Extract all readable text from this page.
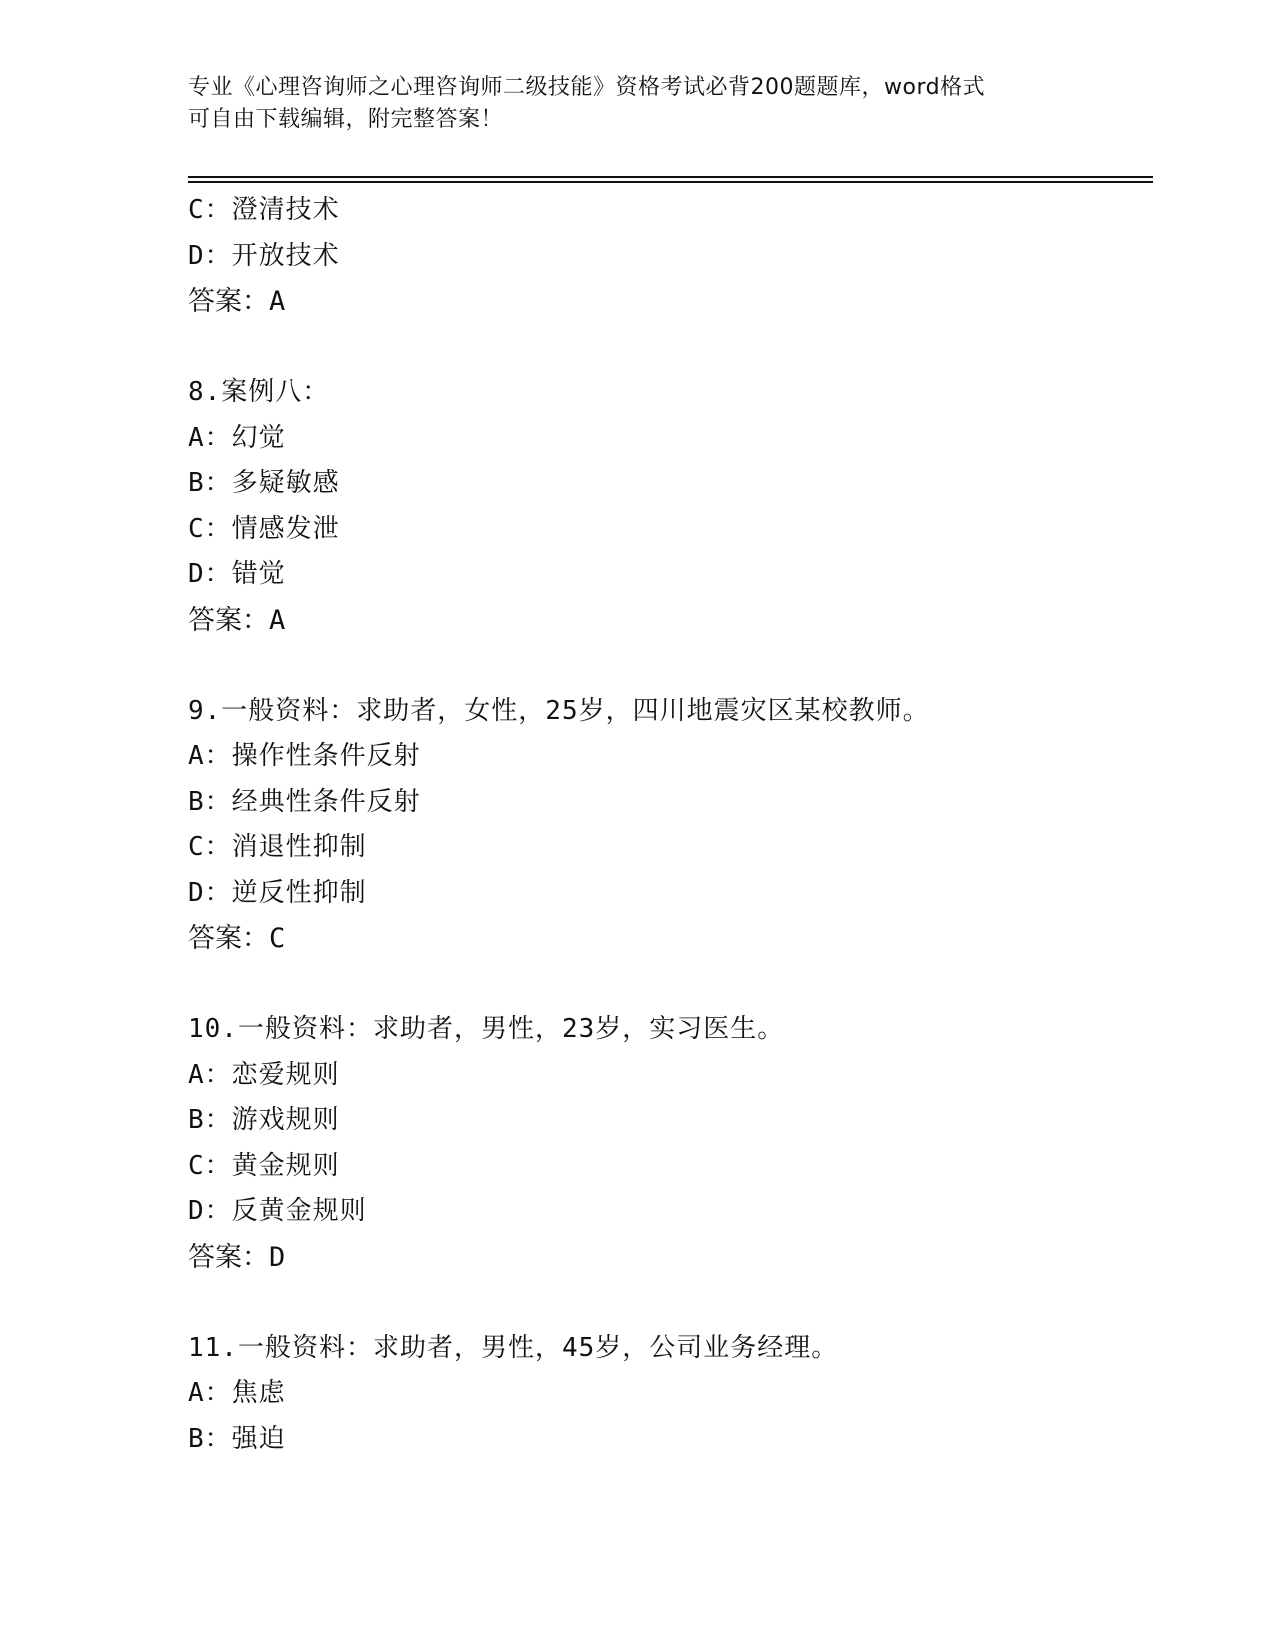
专业《心理咨询师之心理咨询师二级技能》资格考试必背200题题库，word格式
可自由下载编辑，附完整答案！
C：澄清技术
D：开放技术
答案：A
8.案例八：
A：幻觉
B：多疑敏感
C：情感发泄
D：错觉
答案：A
9.一般资料：求助者，女性，25岁，四川地震灾区某校教师。
A：操作性条件反射
B：经典性条件反射
C：消退性抑制
D：逆反性抑制
答案：C
10.一般资料：求助者，男性，23岁，实习医生。
A：恋爱规则
B：游戏规则
C：黄金规则
D：反黄金规则
答案：D
11.一般资料：求助者，男性，45岁，公司业务经理。
A：焦虑
B：强迫
